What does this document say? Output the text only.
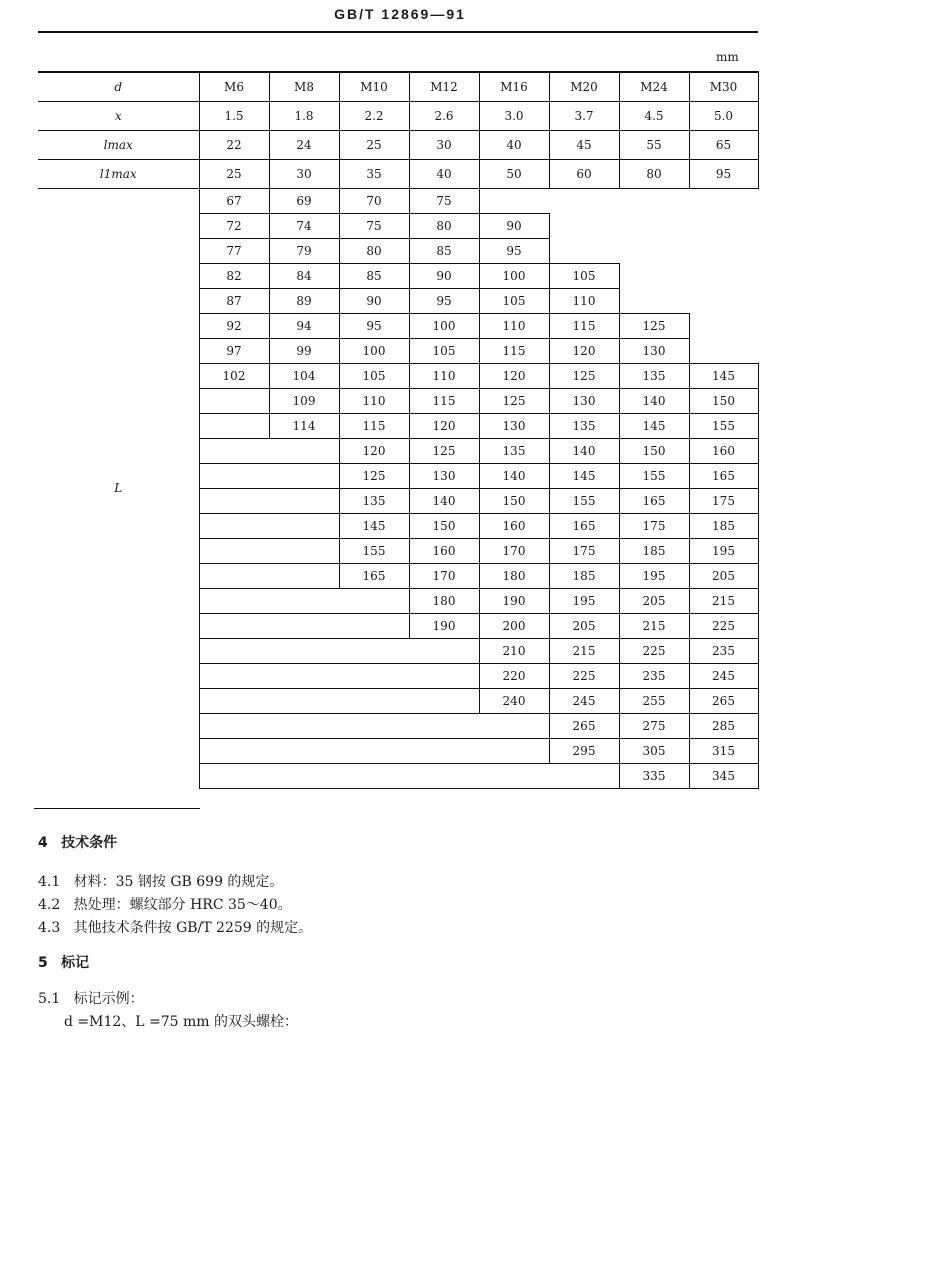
GB/T 12869—91
mm
d	M6	M8	M10	M12	M16	M20	M24	M30
x	1.5	1.8	2.2	2.6	3.0	3.7	4.5	5.0
lmax	22	24	25	30	40	45	55	65
l1max	25	30	35	40	50	60	80	95
L	67	69	70	75				
	72	74	75	80	90			
	77	79	80	85	95			
	82	84	85	90	100	105		
	87	89	90	95	105	110		
	92	94	95	100	110	115	125	
	97	99	100	105	115	120	130	
	102	104	105	110	120	125	135	145
		109	110	115	125	130	140	150
		114	115	120	130	135	145	155
			120	125	135	140	150	160
			125	130	140	145	155	165
			135	140	150	155	165	175
			145	150	160	165	175	185
			155	160	170	175	185	195
			165	170	180	185	195	205
				180	190	195	205	215
				190	200	205	215	225
					210	215	225	235
					220	225	235	245
					240	245	255	265
						265	275	285
						295	305	315
							335	345
4 技术条件
4.1 材料：35 钢按 GB 699 的规定。
4.2 热处理：螺纹部分 HRC 35～40。
4.3 其他技术条件按 GB/T 2259 的规定。
5 标记
5.1 标记示例：
d =M12、L =75 mm 的双头螺栓：
